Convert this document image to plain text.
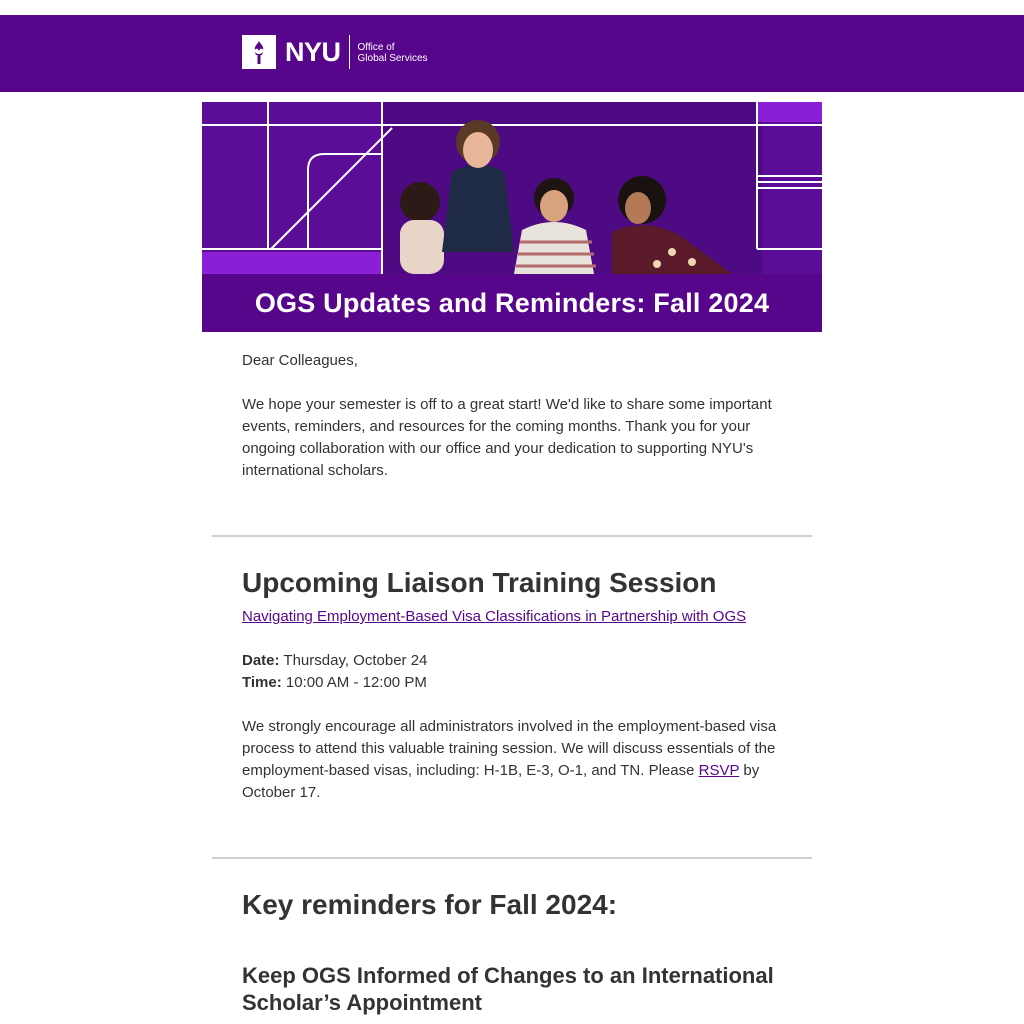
NYU Office of
Global Services
OGS Updates and Reminders: Fall 2024

Dear Colleagues,

We hope your semester is off to a great start! We'd like to share some important events, reminders, and resources for the coming months. Thank you for your ongoing collaboration with our office and your dedication to supporting NYU's international scholars.

Upcoming Liaison Training Session
Navigating Employment-Based Visa Classifications in Partnership with OGS
Date: Thursday, October 24
Time: 10:00 AM - 12:00 PM

We strongly encourage all administrators involved in the employment-based visa process to attend this valuable training session. We will discuss essentials of the employment-based visas, including: H-1B, E-3, O-1, and TN. Please RSVP by October 17.

Key reminders for Fall 2024:
Keep OGS Informed of Changes to an International Scholar’s Appointment
